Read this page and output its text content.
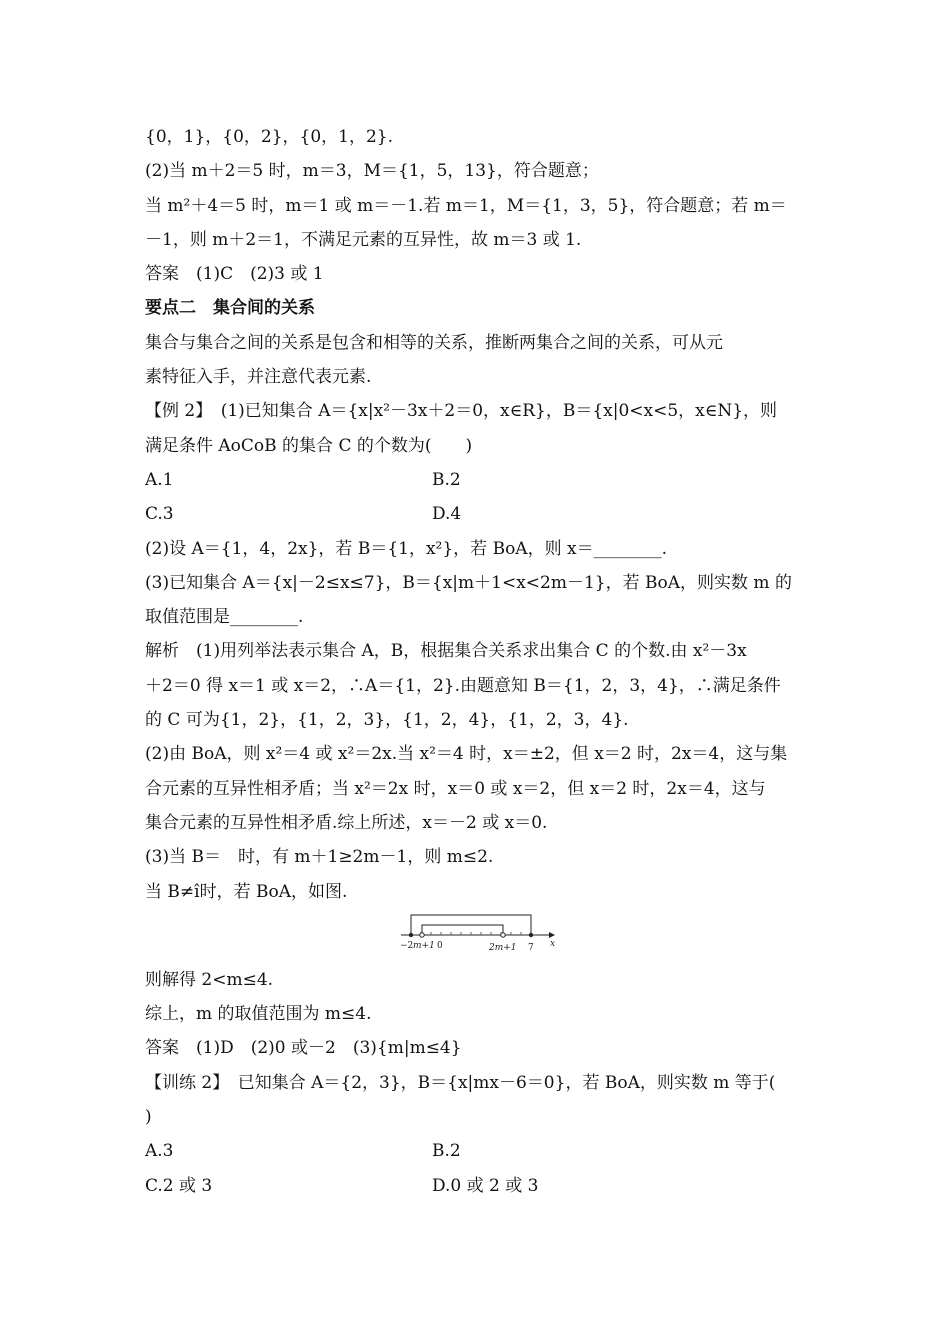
{0，1}，{0，2}，{0，1，2}.
(2)当 m＋2＝5 时，m＝3，M＝{1，5，13}，符合题意；
当 m²＋4＝5 时，m＝1 或 m＝－1.若 m＝1，M＝{1，3，5}，符合题意；若 m＝
－1，则 m＋2＝1，不满足元素的互异性，故 m＝3 或 1.
答案　(1)C　(2)3 或 1
要点二　集合间的关系
集合与集合之间的关系是包含和相等的关系，推断两集合之间的关系，可从元
素特征入手，并注意代表元素.
【例 2】　(1)已知集合 A＝{x|x²－3x＋2＝0，x∈R}，B＝{x|0<x<5，x∈N}，则
满足条件 AoCoB 的集合 C 的个数为(　　)
A.1	B.2
C.3	D.4
(2)设 A＝{1，4，2x}，若 B＝{1，x²}，若 BoA，则 x＝________.
(3)已知集合 A＝{x|－2≤x≤7}，B＝{x|m＋1<x<2m－1}，若 BoA，则实数 m 的
取值范围是________.
解析　(1)用列举法表示集合 A，B，根据集合关系求出集合 C 的个数.由 x²－3x
＋2＝0 得 x＝1 或 x＝2，∴A＝{1，2}.由题意知 B＝{1，2，3，4}，∴满足条件
的 C 可为{1，2}，{1，2，3}，{1，2，4}，{1，2，3，4}.
(2)由 BoA，则 x²＝4 或 x²＝2x.当 x²＝4 时，x＝±2，但 x＝2 时，2x＝4，这与集
合元素的互异性相矛盾；当 x²＝2x 时，x＝0 或 x＝2，但 x＝2 时，2x＝4，这与
集合元素的互异性相矛盾.综上所述，x＝－2 或 x＝0.
(3)当 B＝　时，有 m＋1≥2m－1，则 m≤2.
当 B≠î时，若 BoA，如图.
−2 m+1 0	2m+1 7 x
则解得 2<m≤4.
综上，m 的取值范围为 m≤4.
答案　(1)D　(2)0 或－2　(3){m|m≤4}
【训练 2】　已知集合 A＝{2，3}，B＝{x|mx－6＝0}，若 BoA，则实数 m 等于(
)
A.3	B.2
C.2 或 3	D.0 或 2 或 3
